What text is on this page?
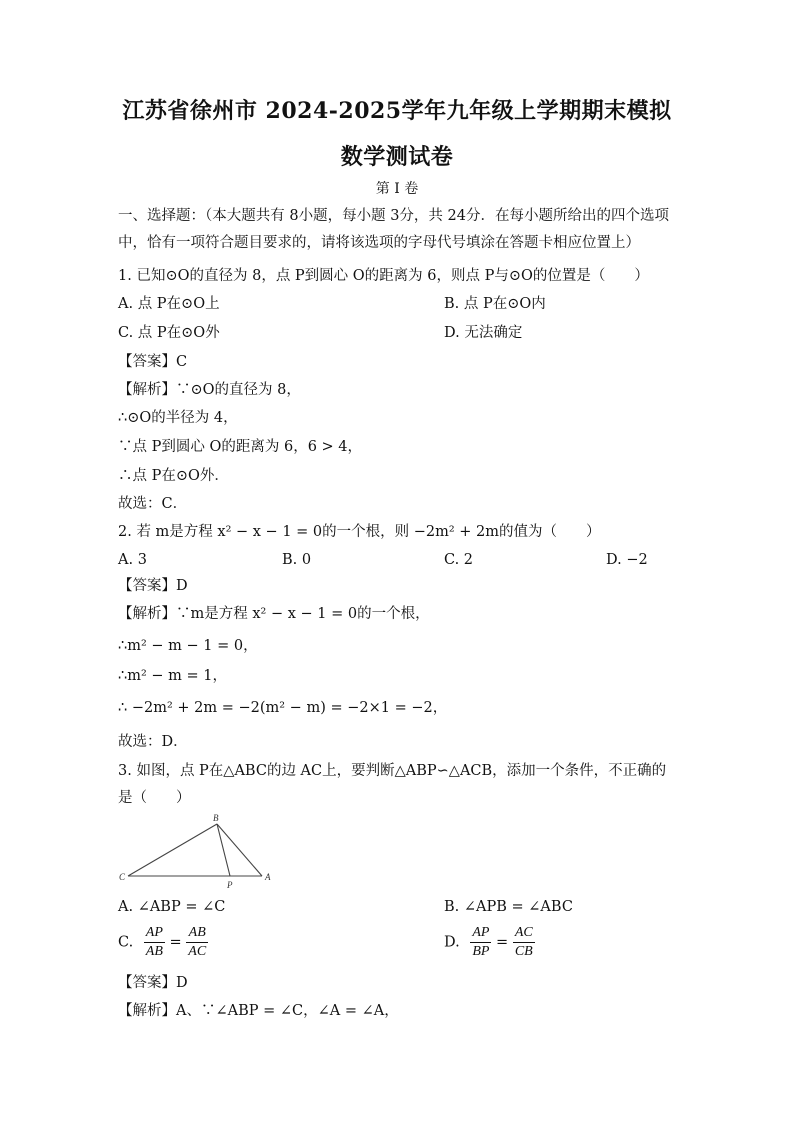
江苏省徐州市 2024-2025学年九年级上学期期末模拟
数学测试卷
第 I 卷
一、选择题：（本大题共有 8小题，每小题 3分，共 24分．在每小题所给出的四个选项
中，恰有一项符合题目要求的，请将该选项的字母代号填涂在答题卡相应位置上）
1. 已知⊙O的直径为 8，点 P到圆心 O的距离为 6，则点 P与⊙O的位置是（　　）
A. 点 P在⊙O上	B. 点 P在⊙O内
C. 点 P在⊙O外	D. 无法确定
【答案】C
【解析】∵⊙O的直径为 8，
∴⊙O的半径为 4，
∵点 P到圆心 O的距离为 6，6 > 4，
∴点 P在⊙O外．
故选：C．
2. 若 m是方程 x² − x − 1 = 0的一个根，则 −2m² + 2m的值为（　　）
A. 3	B. 0	C. 2	D. −2
【答案】D
【解析】∵m是方程 x² − x − 1 = 0的一个根，
∴m² − m − 1 = 0，
∴m² − m = 1，
∴ −2m² + 2m = −2(m² − m) = −2×1 = −2，
故选：D．
3. 如图，点 P在△ABC的边 AC上，要判断△ABP∽△ACB，添加一个条件，不正确的
是（　　）
B
C
P
A
A. ∠ABP = ∠C	B. ∠APB = ∠ABC
C. $\frac{AP}{AB} = \frac{AB}{AC}$	D. $\frac{AP}{BP} = \frac{AC}{CB}$
【答案】D
【解析】A、∵∠ABP = ∠C，∠A = ∠A，
